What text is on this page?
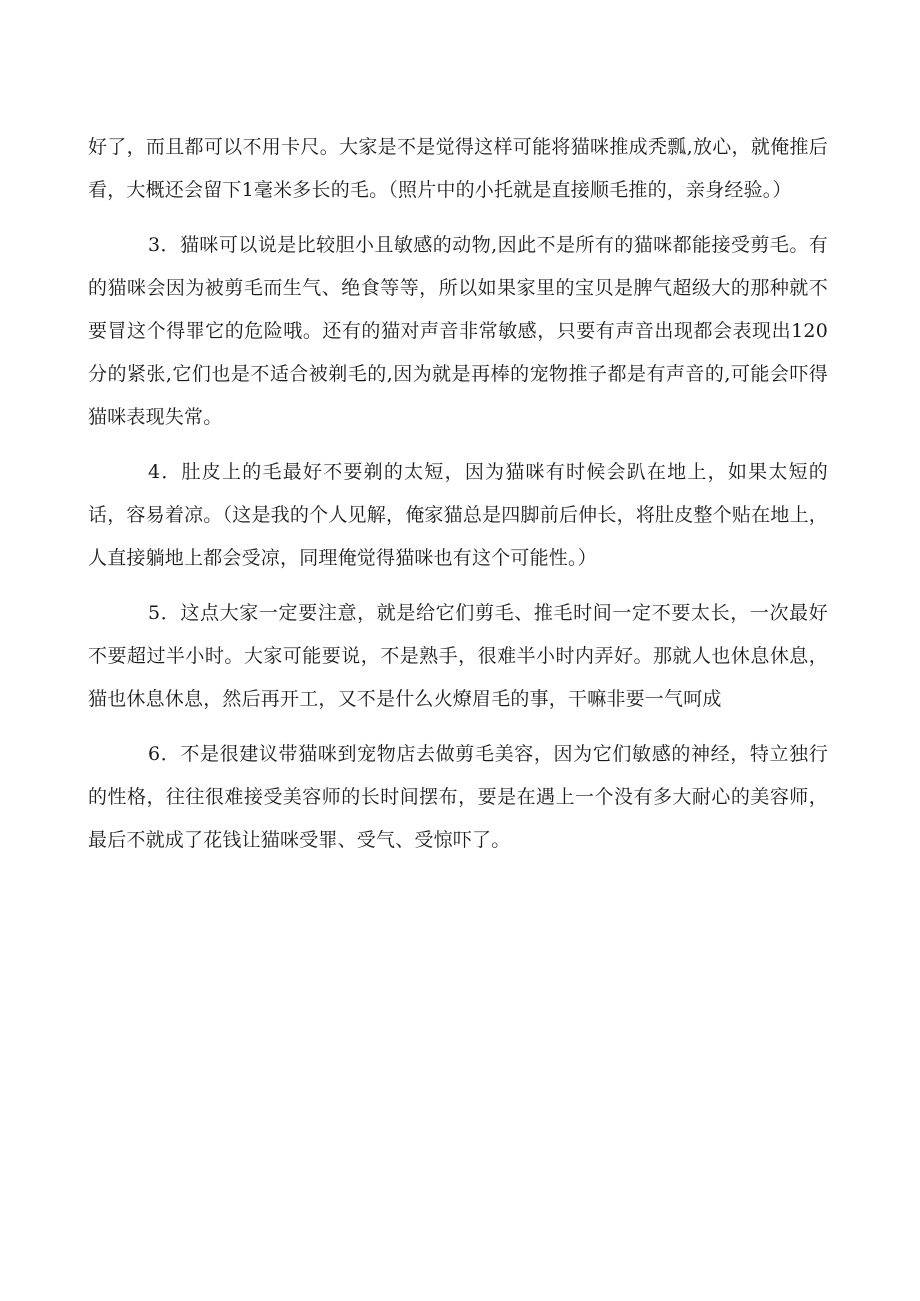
好了，而且都可以不用卡尺。大家是不是觉得这样可能将猫咪推成秃瓢,放心，就俺推后看，大概还会留下1毫米多长的毛。（照片中的小托就是直接顺毛推的，亲身经验。）

3．猫咪可以说是比较胆小且敏感的动物,因此不是所有的猫咪都能接受剪毛。有的猫咪会因为被剪毛而生气、绝食等等，所以如果家里的宝贝是脾气超级大的那种就不要冒这个得罪它的危险哦。还有的猫对声音非常敏感，只要有声音出现都会表现出120分的紧张,它们也是不适合被剃毛的,因为就是再棒的宠物推子都是有声音的,可能会吓得猫咪表现失常。

4．肚皮上的毛最好不要剃的太短，因为猫咪有时候会趴在地上，如果太短的话，容易着凉。（这是我的个人见解，俺家猫总是四脚前后伸长，将肚皮整个贴在地上，人直接躺地上都会受凉，同理俺觉得猫咪也有这个可能性。）

5．这点大家一定要注意，就是给它们剪毛、推毛时间一定不要太长，一次最好不要超过半小时。大家可能要说，不是熟手，很难半小时内弄好。那就人也休息休息，猫也休息休息，然后再开工，又不是什么火燎眉毛的事，干嘛非要一气呵成

6．不是很建议带猫咪到宠物店去做剪毛美容，因为它们敏感的神经，特立独行的性格，往往很难接受美容师的长时间摆布，要是在遇上一个没有多大耐心的美容师，最后不就成了花钱让猫咪受罪、受气、受惊吓了。
